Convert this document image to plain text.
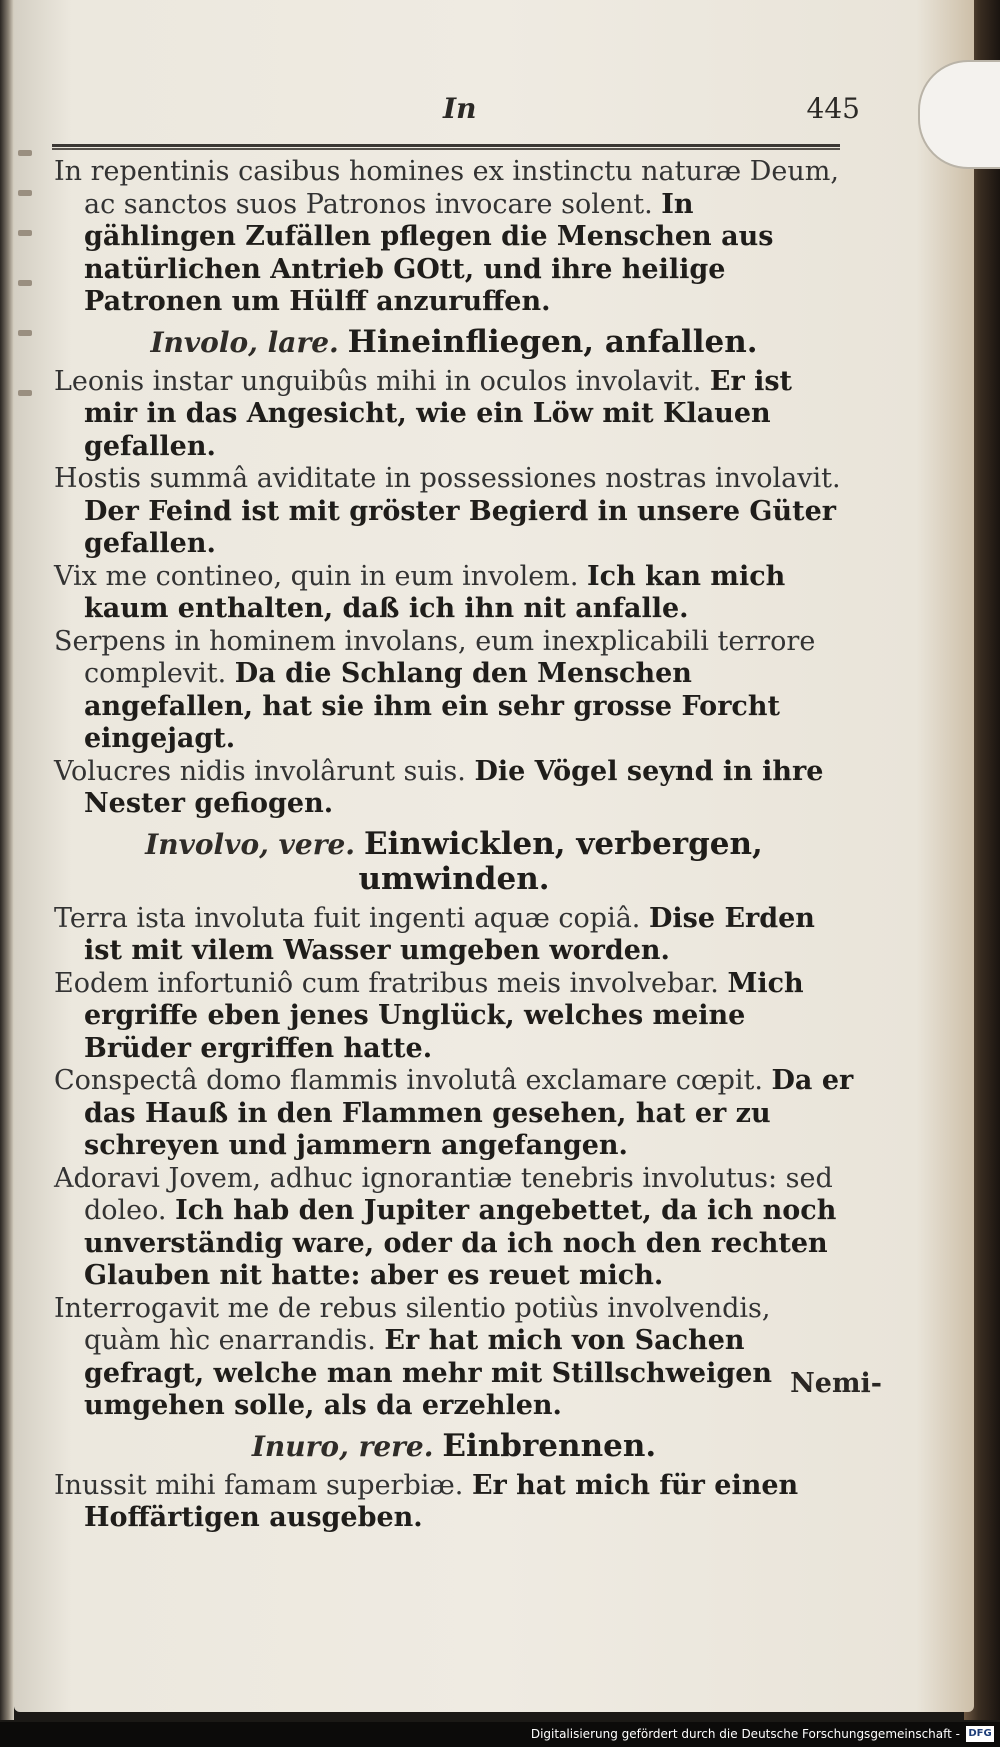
In	445

In repentinis casibus homines ex instinctu naturæ Deum, ac sanctos suos Patronos invocare solent. In gählingen Zufällen pflegen die Menschen aus natürlichen Antrieb GOtt, und ihre heilige Patronen um Hülff anzuruffen.

Involo, lare. Hineinfliegen, anfallen.

Leonis instar unguibûs mihi in oculos involavit. Er ist mir in das Angesicht, wie ein Löw mit Klauen gefallen.

Hostis summâ aviditate in possessiones nostras involavit. Der Feind ist mit gröster Begierd in unsere Güter gefallen.

Vix me contineo, quin in eum involem. Ich kan mich kaum enthalten, daß ich ihn nit anfalle.

Serpens in hominem involans, eum inexplicabili terrore complevit. Da die Schlang den Menschen angefallen, hat sie ihm ein sehr grosse Forcht eingejagt.

Volucres nidis involârunt suis. Die Vögel seynd in ihre Nester gefiogen.

Involvo, vere. Einwicklen, verbergen, umwinden.

Terra ista involuta fuit ingenti aquæ copiâ. Dise Erden ist mit vilem Wasser umgeben worden.

Eodem infortuniô cum fratribus meis involvebar. Mich ergriffe eben jenes Unglück, welches meine Brüder ergriffen hatte.

Conspectâ domo flammis involutâ exclamare cœpit. Da er das Hauß in den Flammen gesehen, hat er zu schreyen und jammern angefangen.

Adoravi Jovem, adhuc ignorantiæ tenebris involutus: sed doleo. Ich hab den Jupiter angebettet, da ich noch unverständig ware, oder da ich noch den rechten Glauben nit hatte: aber es reuet mich.

Interrogavit me de rebus silentio potiùs involvendis, quàm hìc enarrandis. Er hat mich von Sachen gefragt, welche man mehr mit Stillschweigen umgehen solle, als da erzehlen.

Inuro, rere. Einbrennen.

Inussit mihi famam superbiæ. Er hat mich für einen Hoffärtigen ausgeben.

Nemi-
Digitalisierung gefördert durch die Deutsche Forschungsgemeinschaft - DFG
